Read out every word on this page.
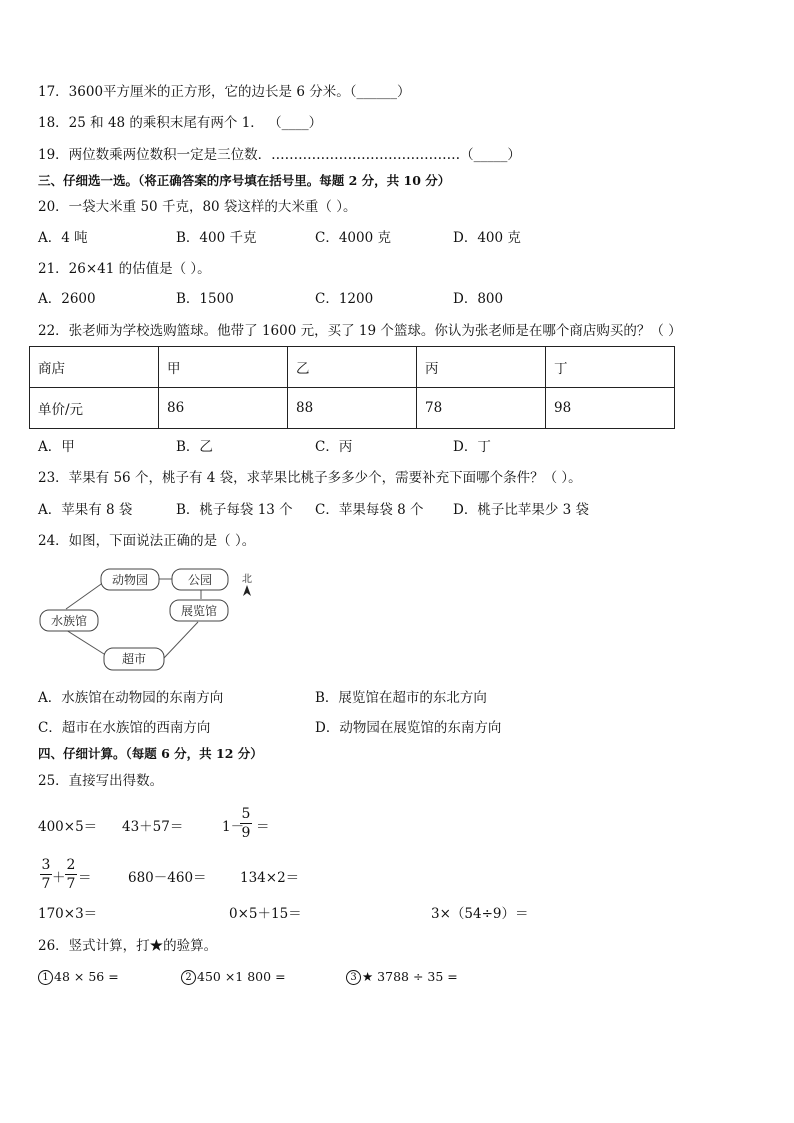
17．3600平方厘米的正方形，它的边长是 6 分米。（______）
18．25 和 48 的乘积末尾有两个 1． （____）
19．两位数乘两位数积一定是三位数．……………………………………（_____）
三、仔细选一选。（将正确答案的序号填在括号里。每题 2 分，共 10 分）
20．一袋大米重 50 千克，80 袋这样的大米重（ ）。
A．4 吨	B．400 千克	C．4000 克	D．400 克
21．26×41 的估值是（ ）。
A．2600	B．1500	C．1200	D．800
22．张老师为学校选购篮球。他带了 1600 元，买了 19 个篮球。你认为张老师是在哪个商店购买的？（ ）
商店	甲	乙	丙	丁
单价/元	86	88	78	98
A．甲	B．乙	C．丙	D．丁
23．苹果有 56 个，桃子有 4 袋，求苹果比桃子多多少个，需要补充下面哪个条件？（ ）。
A．苹果有 8 袋	B．桃子每袋 13 个 C．苹果每袋 8 个 D．桃子比苹果少 3 袋
24．如图，下面说法正确的是（ ）。
动物园	公园
水族馆
展览馆
超市
北
A．水族馆在动物园的东南方向	B．展览馆在超市的东北方向
C．超市在水族馆的西南方向	D．动物园在展览馆的东南方向
四、仔细计算。（每题 6 分，共 12 分）
25．直接写出得数。
400×5＝ 43＋57＝	1－
5
9 ＝
3
7 ＋
2
7 ＝	680－460＝ 134×2＝
170×3＝	0×5＋15＝	3×（54÷9）＝
26．竖式计算，打★的验算。
1 48 × 56 =	2 450 ×1 800 =	3 ★ 3788 ÷ 35 =
